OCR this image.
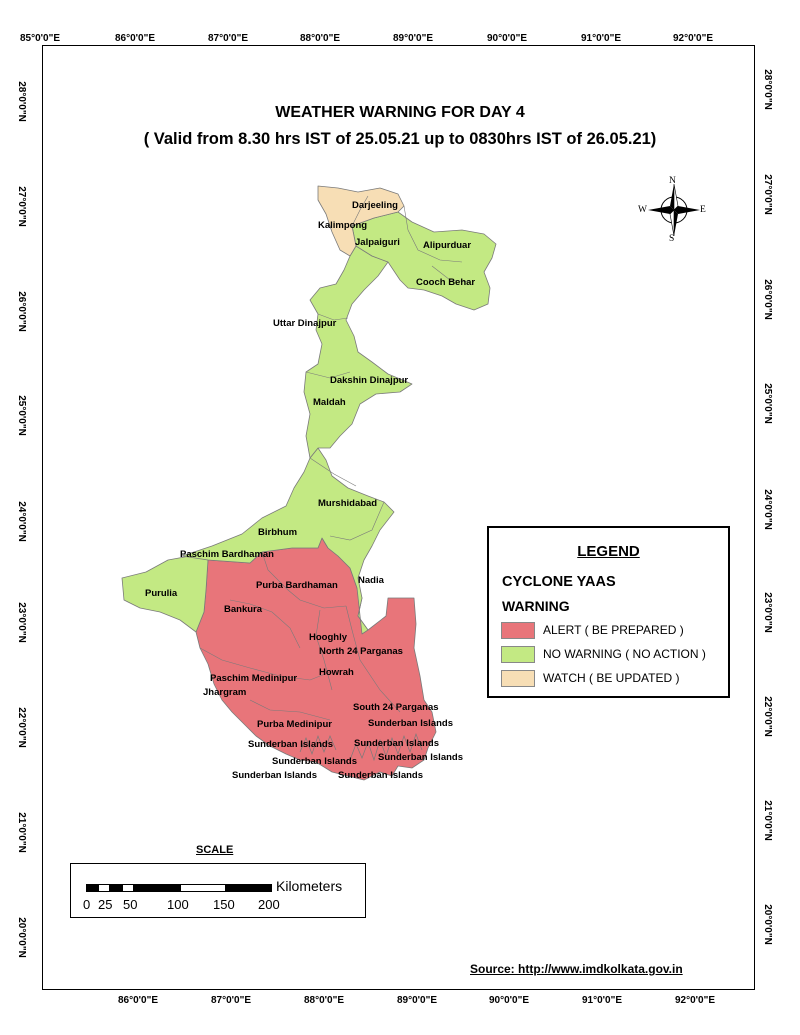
85°0'0"E	86°0'0"E	87°0'0"E	88°0'0"E	89°0'0"E	90°0'0"E	91°0'0"E	92°0'0"E
86°0'0"E	87°0'0"E	88°0'0"E	89°0'0"E	90°0'0"E	91°0'0"E	92°0'0"E
28°0'0"N
27°0'0"N
26°0'0"N
25°0'0"N
24°0'0"N
23°0'0"N
22°0'0"N
21°0'0"N
20°0'0"N
28°0'0"N
27°0'0"N
26°0'0"N
25°0'0"N
24°0'0"N
23°0'0"N
22°0'0"N
21°0'0"N
20°0'0"N
WEATHER WARNING FOR DAY 4
( Valid from 8.30 hrs IST of 25.05.21 up to 0830hrs IST of 26.05.21)
Darjeeling
Kalimpong
Jalpaiguri Alipurduar
Cooch Behar
Uttar Dinajpur
Dakshin Dinajpur
Maldah
Murshidabad
Birbhum
Paschim Bardhaman
Nadia
Purulia
Purba Bardhaman
Bankura
Hooghly
North 24 Parganas
Howrah
Paschim Medinipur
Jhargram
South 24 Parganas
Purba Medinipur	Sunderban Islands
Sunderban Islands Sunderban Islands
Sunderban Islands Sunderban Islands
Sunderban Islands Sunderban Islands
N
S
W	E
LEGEND
CYCLONE YAAS
WARNING
ALERT ( BE PREPARED )
NO WARNING ( NO ACTION )
WATCH ( BE UPDATED )
SCALE
Kilometers
0 25 50 100 150 200
Source: http://www.imdkolkata.gov.in
